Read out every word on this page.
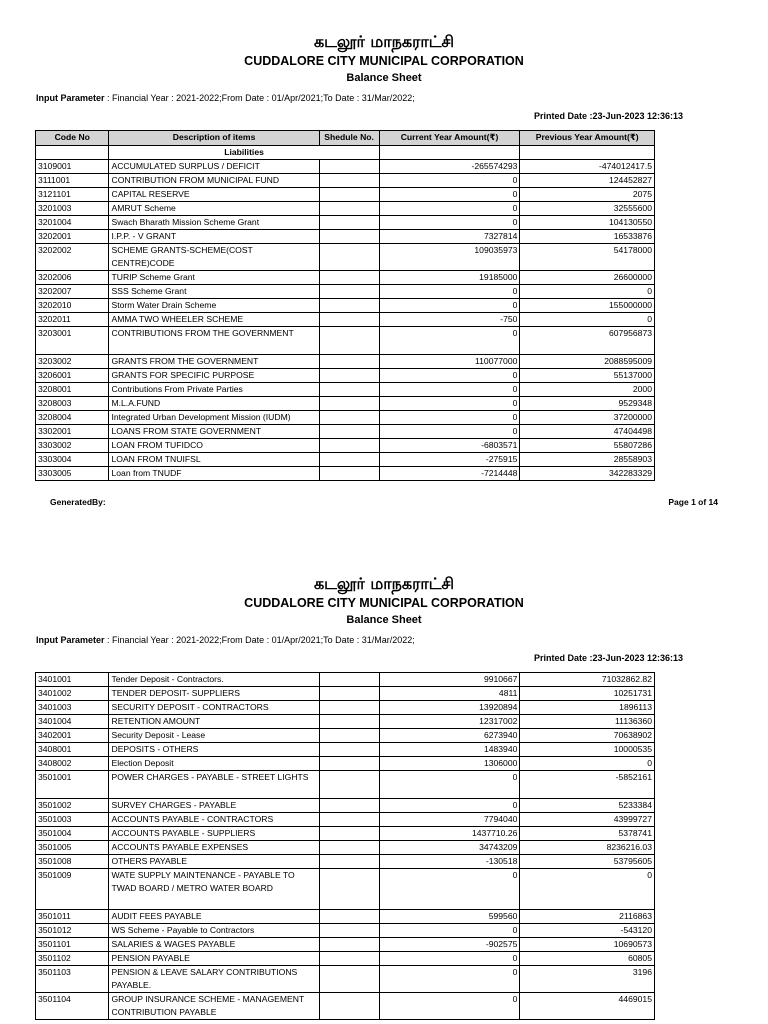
கடலூர் மாநகராட்சி
CUDDALORE CITY MUNICIPAL CORPORATION
Balance Sheet
Input Parameter : Financial Year : 2021-2022;From Date : 01/Apr/2021;To Date : 31/Mar/2022;
Printed Date :23-Jun-2023 12:36:13
Code No	Description of items	Shedule No.	Current Year Amount(₹)	Previous Year Amount(₹)
	Liabilities			
3109001	ACCUMULATED SURPLUS / DEFICIT		-265574293	-474012417.5
3111001	CONTRIBUTION FROM MUNICIPAL FUND		0	124452827
3121101	CAPITAL RESERVE		0	2075
3201003	AMRUT Scheme		0	32555600
3201004	Swach Bharath Mission Scheme Grant		0	104130550
3202001	I.P.P. - V GRANT		7327814	16533876
3202002	SCHEME GRANTS-SCHEME(COST CENTRE)CODE		109035973	54178000
3202006	TURIP Scheme Grant		19185000	26600000
3202007	SSS Scheme Grant		0	0
3202010	Storm Water Drain Scheme		0	155000000
3202011	AMMA TWO WHEELER SCHEME		-750	0
3203001	CONTRIBUTIONS FROM THE GOVERNMENT		0	607956873
3203002	GRANTS FROM THE GOVERNMENT		110077000	2088595009
3206001	GRANTS FOR SPECIFIC PURPOSE		0	55137000
3208001	Contributions From Private Parties		0	2000
3208003	M.L.A.FUND		0	9529348
3208004	Integrated Urban Development Mission (IUDM)		0	37200000
3302001	LOANS FROM STATE GOVERNMENT		0	47404498
3303002	LOAN FROM TUFIDCO		-6803571	55807286
3303004	LOAN FROM TNUIFSL		-275915	28558903
3303005	Loan from TNUDF		-7214448	342283329
GeneratedBy:	Page 1 of 14
கடலூர் மாநகராட்சி
CUDDALORE CITY MUNICIPAL CORPORATION
Balance Sheet
Input Parameter : Financial Year : 2021-2022;From Date : 01/Apr/2021;To Date : 31/Mar/2022;
Printed Date :23-Jun-2023 12:36:13
3401001	Tender Deposit - Contractors.		9910667	71032862.82
3401002	TENDER DEPOSIT- SUPPLIERS		4811	10251731
3401003	SECURITY DEPOSIT - CONTRACTORS		13920894	1896113
3401004	RETENTION AMOUNT		12317002	11136360
3402001	Security Deposit - Lease		6273940	70638902
3408001	DEPOSITS - OTHERS		1483940	10000535
3408002	Election Deposit		1306000	0
3501001	POWER CHARGES - PAYABLE - STREET LIGHTS		0	-5852161
3501002	SURVEY CHARGES - PAYABLE		0	5233384
3501003	ACCOUNTS PAYABLE - CONTRACTORS		7794040	43999727
3501004	ACCOUNTS PAYABLE - SUPPLIERS		1437710.26	5378741
3501005	ACCOUNTS PAYABLE EXPENSES		34743209	8236216.03
3501008	OTHERS PAYABLE		-130518	53795605
3501009	WATE SUPPLY MAINTENANCE - PAYABLE TO TWAD BOARD / METRO WATER BOARD		0	0
3501011	AUDIT FEES PAYABLE		599560	2116863
3501012	WS Scheme - Payable to Contractors		0	-543120
3501101	SALARIES & WAGES PAYABLE		-902575	10690573
3501102	PENSION PAYABLE		0	60805
3501103	PENSION & LEAVE SALARY CONTRIBUTIONS PAYABLE.		0	3196
3501104	GROUP INSURANCE SCHEME - MANAGEMENT CONTRIBUTION PAYABLE		0	4469015
